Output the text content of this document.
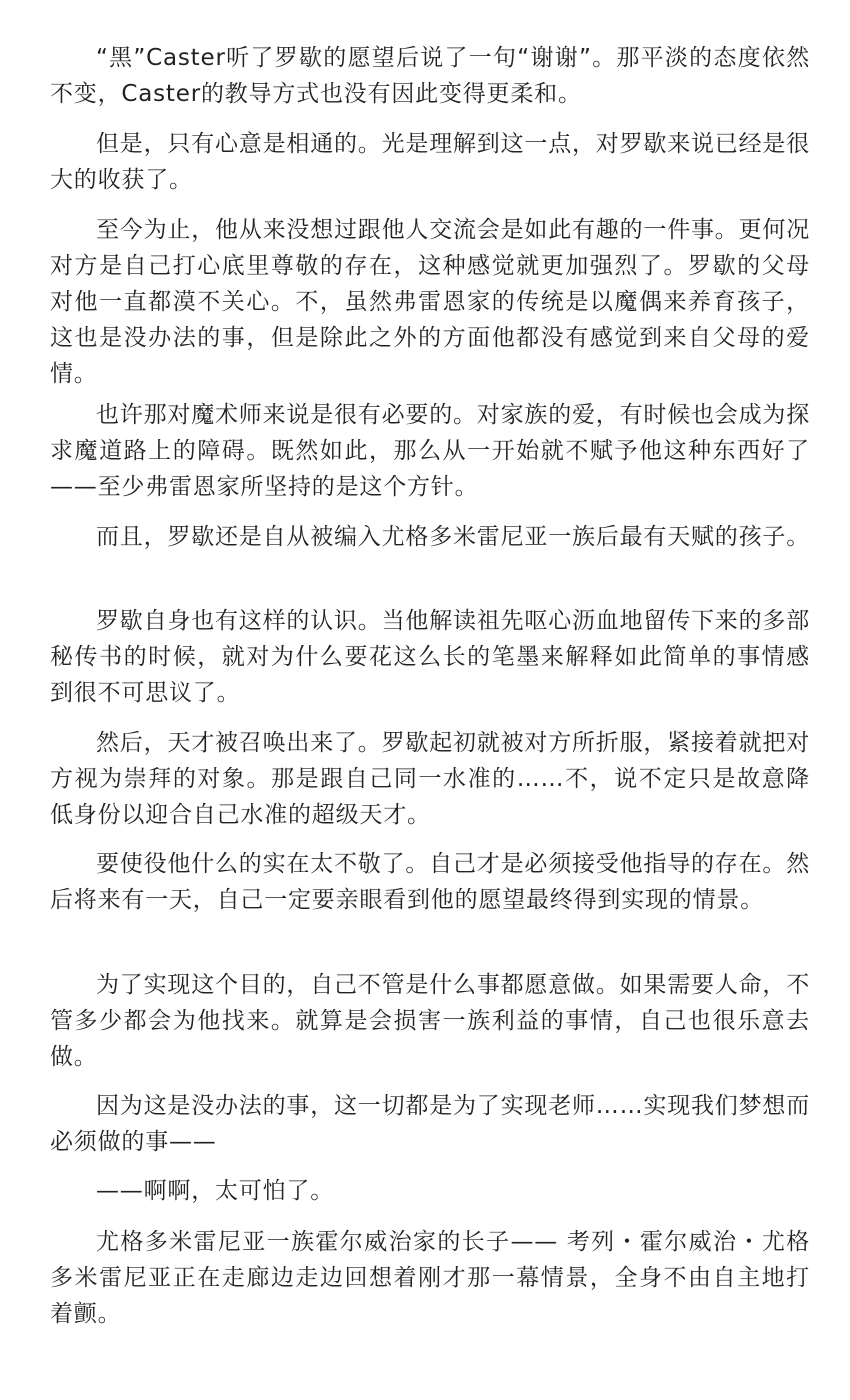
“黑”Caster听了罗歇的愿望后说了一句“谢谢”。那平淡的态度依然不变，Caster的教导方式也没有因此变得更柔和。

但是，只有心意是相通的。光是理解到这一点，对罗歇来说已经是很大的收获了。

至今为止，他从来没想过跟他人交流会是如此有趣的一件事。更何况对方是自己打心底里尊敬的存在，这种感觉就更加强烈了。罗歇的父母对他一直都漠不关心。不，虽然弗雷恩家的传统是以魔偶来养育孩子，这也是没办法的事，但是除此之外的方面他都没有感觉到来自父母的爱情。

也许那对魔术师来说是很有必要的。对家族的爱，有时候也会成为探求魔道路上的障碍。既然如此，那么从一开始就不赋予他这种东西好了——至少弗雷恩家所坚持的是这个方针。

而且，罗歇还是自从被编入尤格多米雷尼亚一族后最有天赋的孩子。

罗歇自身也有这样的认识。当他解读祖先呕心沥血地留传下来的多部秘传书的时候，就对为什么要花这么长的笔墨来解释如此简单的事情感到很不可思议了。

然后，天才被召唤出来了。罗歇起初就被对方所折服，紧接着就把对方视为崇拜的对象。那是跟自己同一水准的……不，说不定只是故意降低身份以迎合自己水准的超级天才。

要使役他什么的实在太不敬了。自己才是必须接受他指导的存在。然后将来有一天，自己一定要亲眼看到他的愿望最终得到实现的情景。

为了实现这个目的，自己不管是什么事都愿意做。如果需要人命，不管多少都会为他找来。就算是会损害一族利益的事情，自己也很乐意去做。

因为这是没办法的事，这一切都是为了实现老师……实现我们梦想而必须做的事——

——啊啊，太可怕了。

尤格多米雷尼亚一族霍尔威治家的长子—— 考列・霍尔威治・尤格多米雷尼亚正在走廊边走边回想着刚才那一幕情景，全身不由自主地打着颤。
